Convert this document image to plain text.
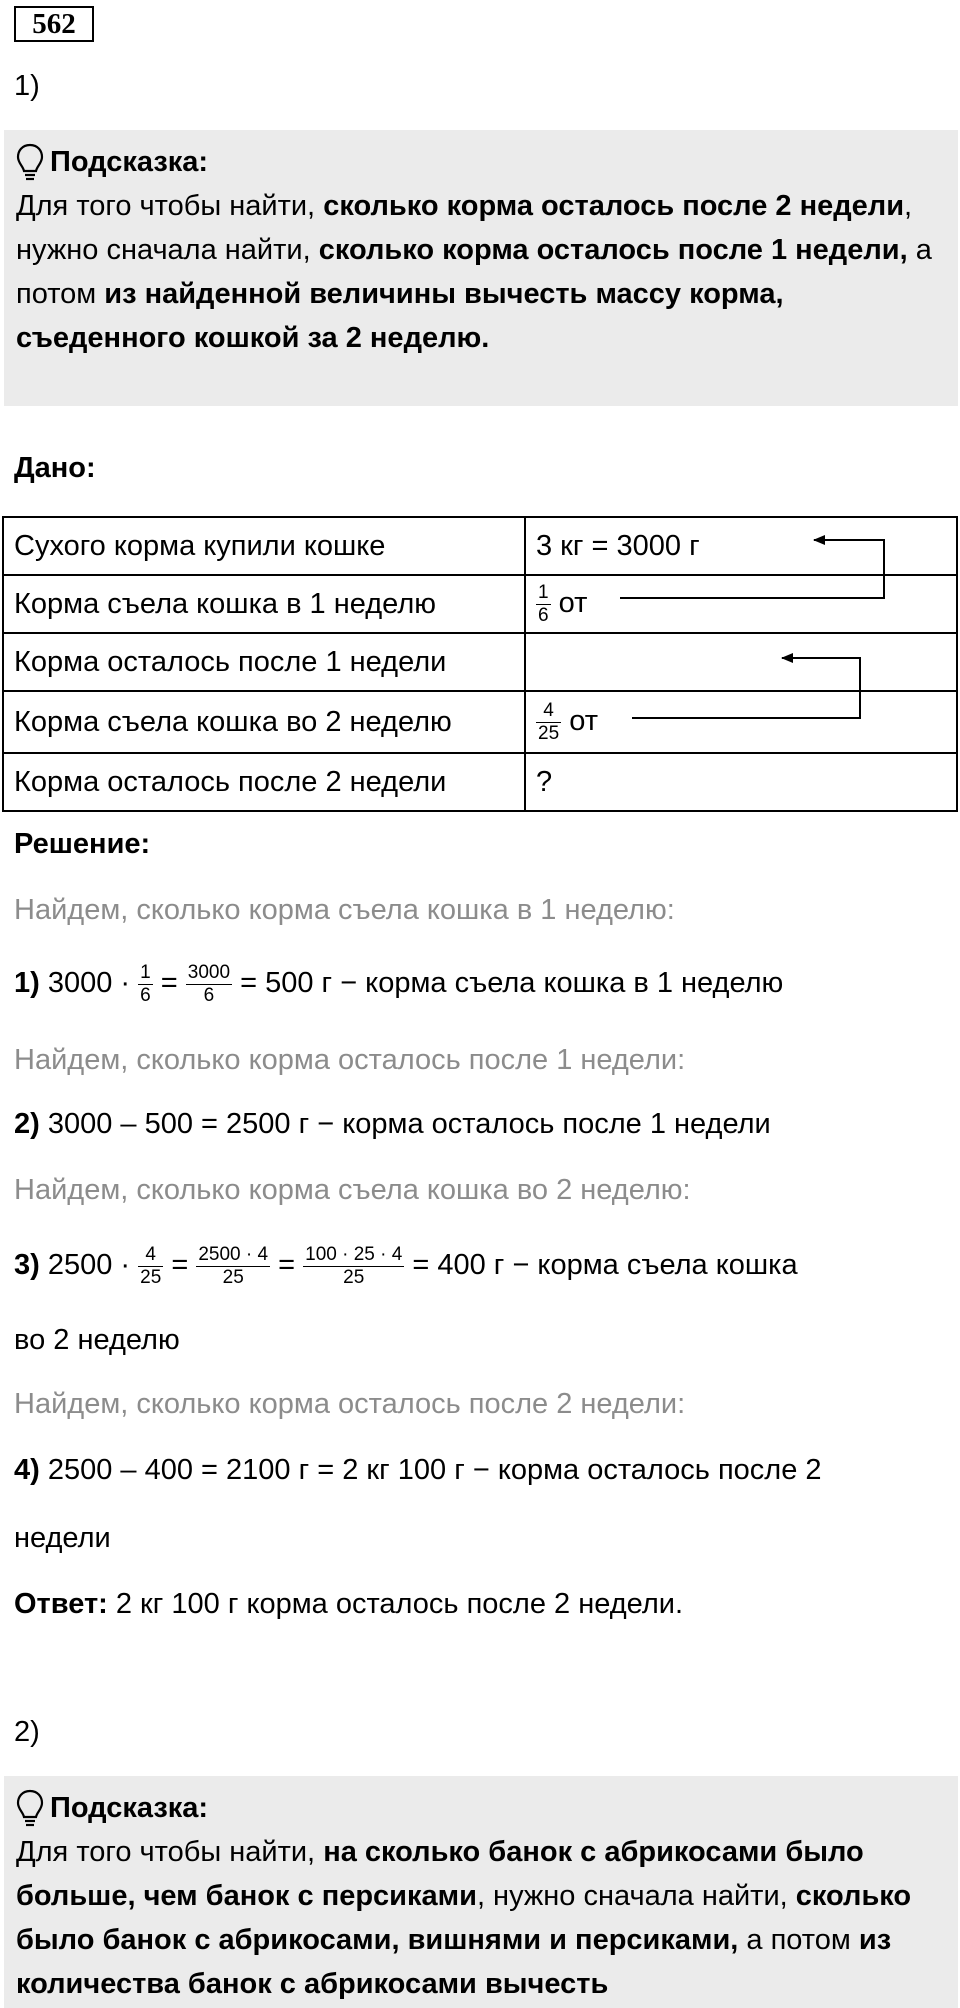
562
1)
Подсказка:
Для того чтобы найти, сколько корма осталось после 2 недели, нужно сначала найти, сколько корма осталось после 1 недели, а потом из найденной величины вычесть массу корма, съеденного кошкой за 2 неделю.
Дано:
Сухого корма купили кошке	3 кг = 3000 г
Корма съела кошка в 1 неделю	$\frac{1}{6}$ от
Корма осталось после 1 недели	
Корма съела кошка во 2 неделю	$\frac{4}{25}$ от
Корма осталось после 2 недели	?
Решение:
Найдем, сколько корма съела кошка в 1 неделю:
1) $3000 \cdot \frac{1}{6} = \frac{3000}{6} = 500$ г − корма съела кошка в 1 неделю
Найдем, сколько корма осталось после 1 недели:
2) 3000 – 500 = 2500 г − корма осталось после 1 недели
Найдем, сколько корма съела кошка во 2 неделю:
3) $2500 \cdot \frac{4}{25} = \frac{2500 \cdot 4}{25} = \frac{100 \cdot 25 \cdot 4}{25} = 400$ г − корма съела кошка
во 2 неделю
Найдем, сколько корма осталось после 2 недели:
4) 2500 – 400 = 2100 г = 2 кг 100 г − корма осталось после 2
недели
Ответ: 2 кг 100 г корма осталось после 2 недели.
2)
Подсказка:
Для того чтобы найти, на сколько банок с абрикосами было больше, чем банок с персиками, нужно сначала найти, сколько было банок с абрикосами, вишнями и персиками, а потом из количества банок с абрикосами вычесть
